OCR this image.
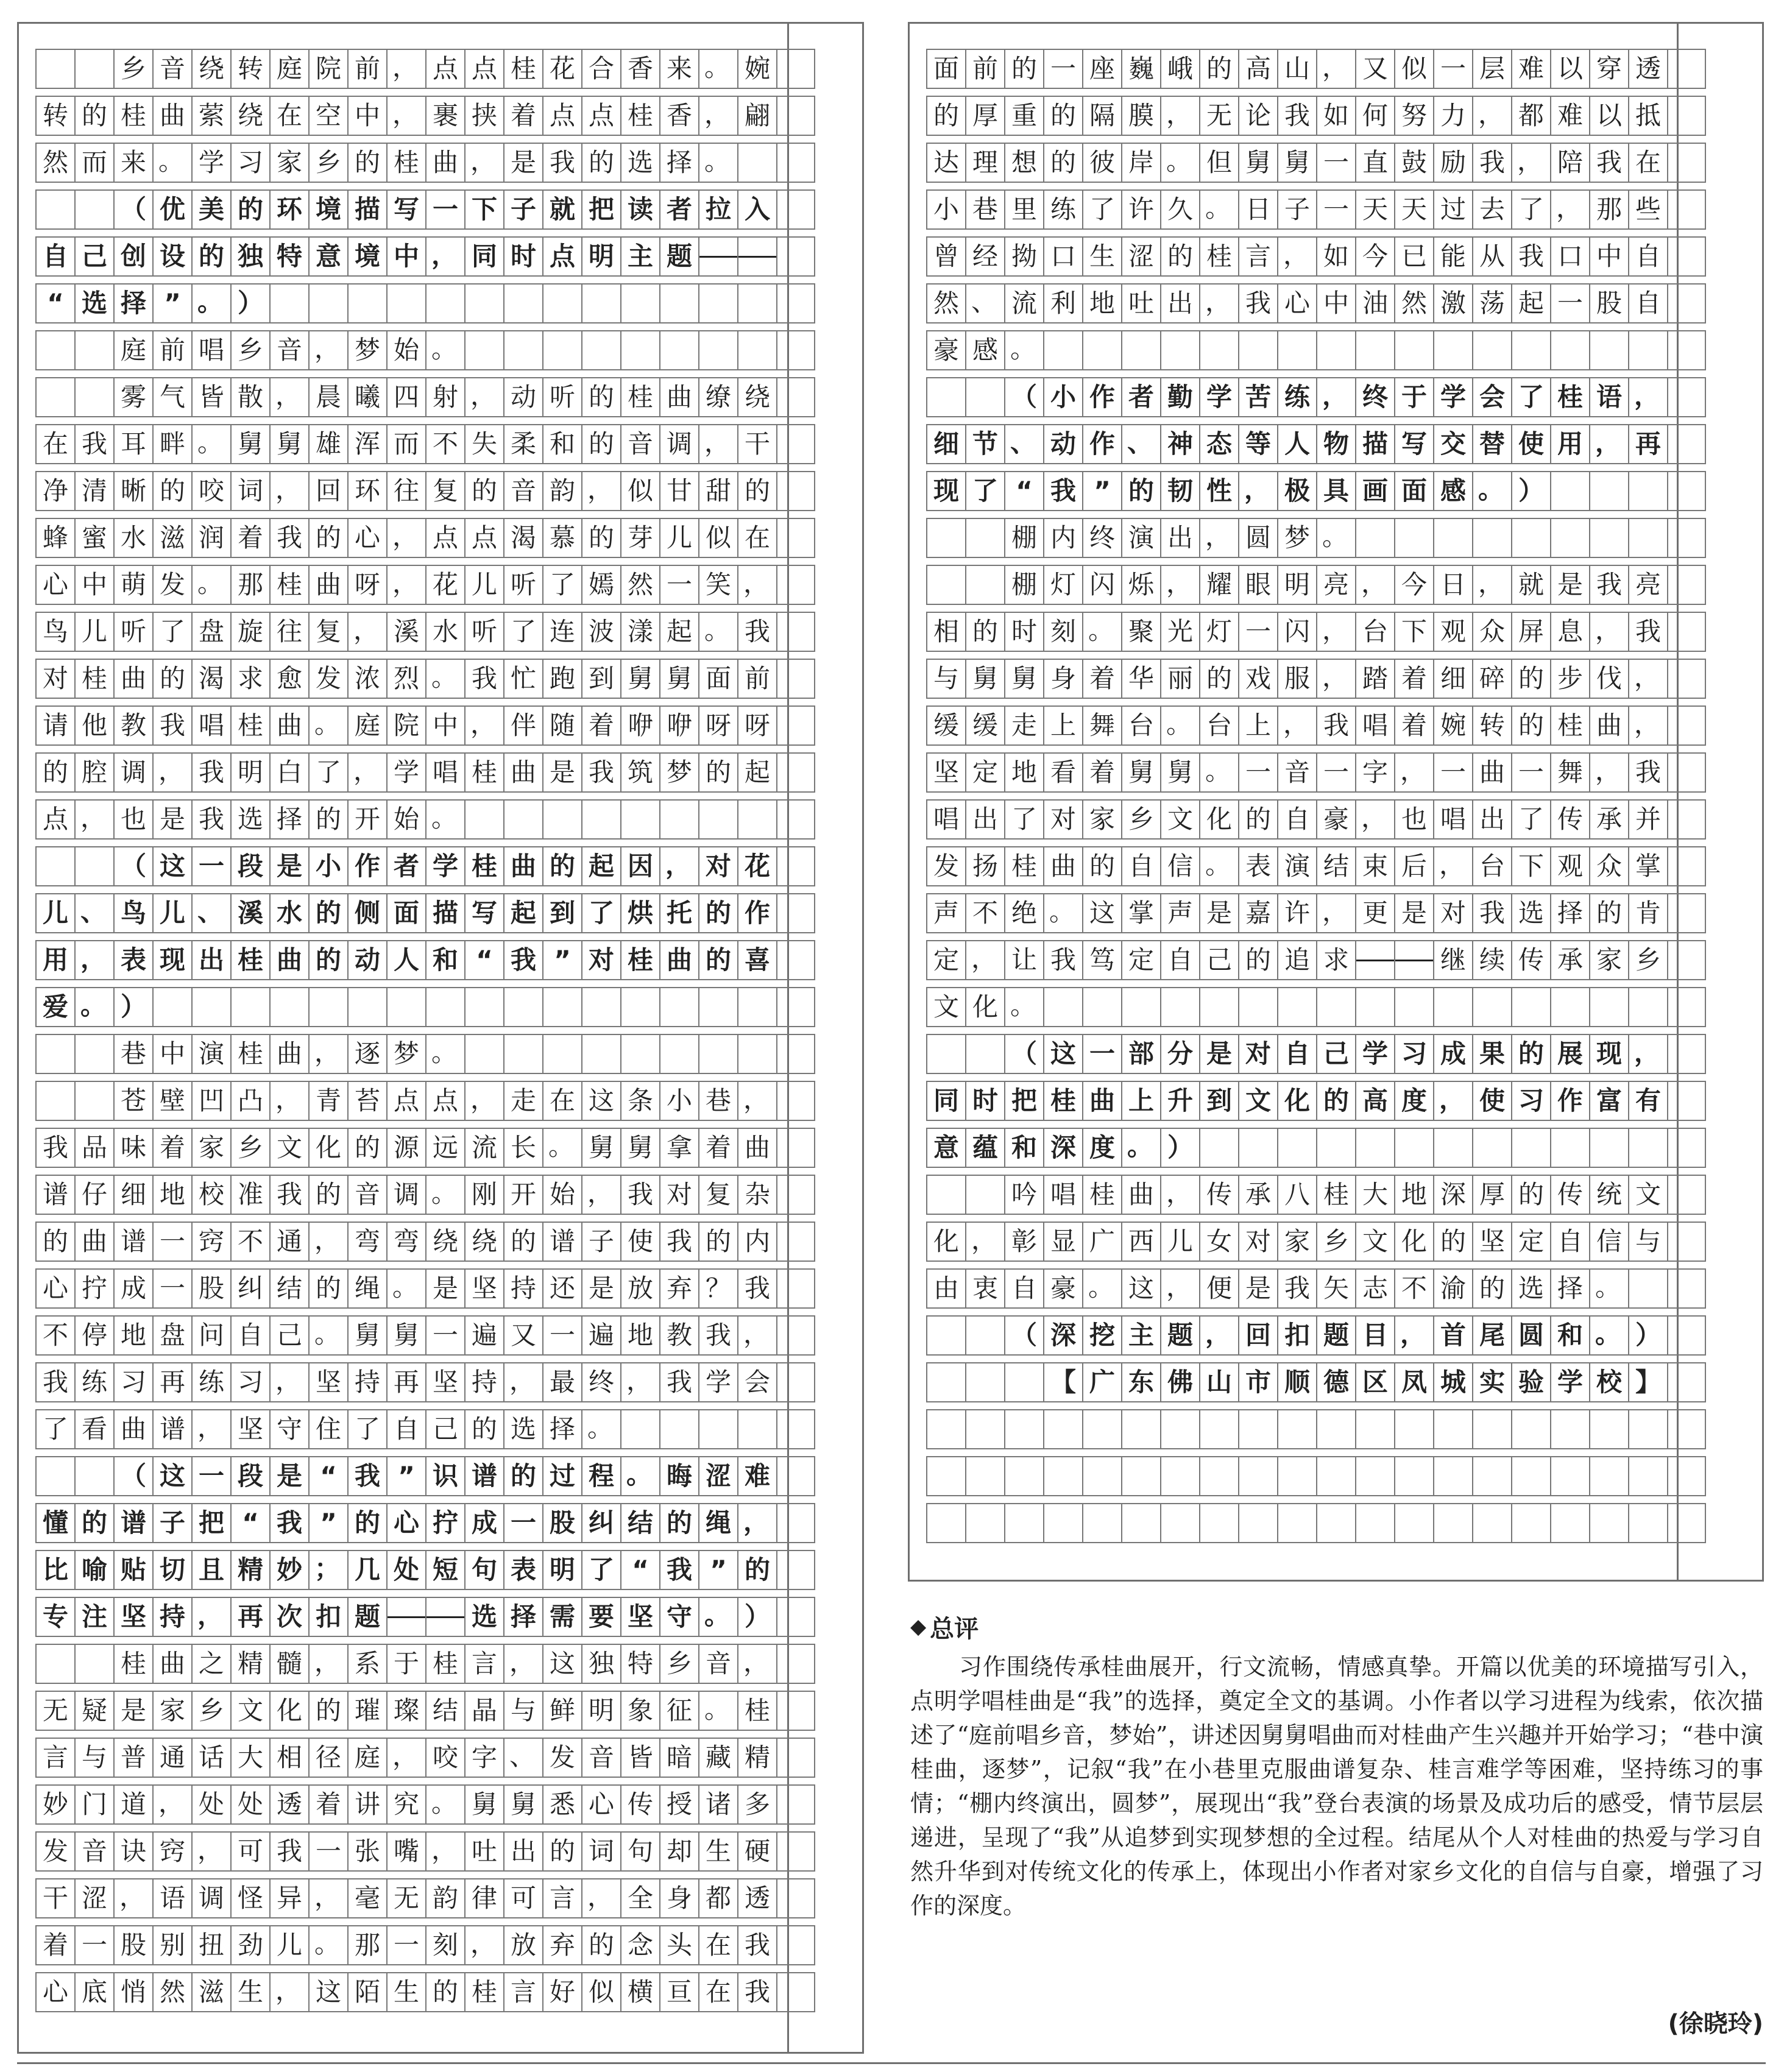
乡 音 绕 转 庭 院 前 ， 点 点 桂 花 合 香 来 。 婉
转 的 桂 曲 萦 绕 在 空 中 ， 裹 挟 着 点 点 桂 香 ， 翩
然 而 来 。 学 习 家 乡 的 桂 曲 ， 是 我 的 选 择 。
（ 优 美 的 环 境 描 写 一 下 子 就 把 读 者 拉 入
自 己 创 设 的 独 特 意 境 中 ， 同 时 点 明 主 题
“ 选 择 ” 。 ）
庭 前 唱 乡 音 ， 梦 始 。
雾 气 皆 散 ， 晨 曦 四 射 ， 动 听 的 桂 曲 缭 绕
在 我 耳 畔 。 舅 舅 雄 浑 而 不 失 柔 和 的 音 调 ， 干
净 清 晰 的 咬 词 ， 回 环 往 复 的 音 韵 ， 似 甘 甜 的
蜂 蜜 水 滋 润 着 我 的 心 ， 点 点 渴 慕 的 芽 儿 似 在
心 中 萌 发 。 那 桂 曲 呀 ， 花 儿 听 了 嫣 然 一 笑 ，
鸟 儿 听 了 盘 旋 往 复 ， 溪 水 听 了 连 波 漾 起 。 我
对 桂 曲 的 渴 求 愈 发 浓 烈 。 我 忙 跑 到 舅 舅 面 前
请 他 教 我 唱 桂 曲 。 庭 院 中 ， 伴 随 着 咿 咿 呀 呀
的 腔 调 ， 我 明 白 了 ， 学 唱 桂 曲 是 我 筑 梦 的 起
点 ， 也 是 我 选 择 的 开 始 。
（ 这 一 段 是 小 作 者 学 桂 曲 的 起 因 ， 对 花
儿 、 鸟 儿 、 溪 水 的 侧 面 描 写 起 到 了 烘 托 的 作
用 ， 表 现 出 桂 曲 的 动 人 和 “ 我 ” 对 桂 曲 的 喜
爱 。 ）
巷 中 演 桂 曲 ， 逐 梦 。
苍 壁 凹 凸 ， 青 苔 点 点 ， 走 在 这 条 小 巷 ，
我 品 味 着 家 乡 文 化 的 源 远 流 长 。 舅 舅 拿 着 曲
谱 仔 细 地 校 准 我 的 音 调 。 刚 开 始 ， 我 对 复 杂
的 曲 谱 一 窍 不 通 ， 弯 弯 绕 绕 的 谱 子 使 我 的 内
心 拧 成 一 股 纠 结 的 绳 。 是 坚 持 还 是 放 弃 ？ 我
不 停 地 盘 问 自 己 。 舅 舅 一 遍 又 一 遍 地 教 我 ，
我 练 习 再 练 习 ， 坚 持 再 坚 持 ， 最 终 ， 我 学 会
了 看 曲 谱 ， 坚 守 住 了 自 己 的 选 择 。
（ 这 一 段 是 “ 我 ” 识 谱 的 过 程 。 晦 涩 难
懂 的 谱 子 把 “ 我 ” 的 心 拧 成 一 股 纠 结 的 绳 ，
比 喻 贴 切 且 精 妙 ； 几 处 短 句 表 明 了 “ 我 ” 的
专 注 坚 持 ， 再 次 扣 题	选 择 需 要 坚 守 。 ）
桂 曲 之 精 髓 ， 系 于 桂 言 ， 这 独 特 乡 音 ，
无 疑 是 家 乡 文 化 的 璀 璨 结 晶 与 鲜 明 象 征 。 桂
言 与 普 通 话 大 相 径 庭 ， 咬 字 、 发 音 皆 暗 藏 精
妙 门 道 ， 处 处 透 着 讲 究 。 舅 舅 悉 心 传 授 诸 多
发 音 诀 窍 ， 可 我 一 张 嘴 ， 吐 出 的 词 句 却 生 硬
干 涩 ， 语 调 怪 异 ， 毫 无 韵 律 可 言 ， 全 身 都 透
着 一 股 别 扭 劲 儿 。 那 一 刻 ， 放 弃 的 念 头 在 我
心 底 悄 然 滋 生 ， 这 陌 生 的 桂 言 好 似 横 亘 在 我
面 前 的 一 座 巍 峨 的 高 山 ， 又 似 一 层 难 以 穿 透
的 厚 重 的 隔 膜 ， 无 论 我 如 何 努 力 ， 都 难 以 抵
达 理 想 的 彼 岸 。 但 舅 舅 一 直 鼓 励 我 ， 陪 我 在
小 巷 里 练 了 许 久 。 日 子 一 天 天 过 去 了 ， 那 些
曾 经 拗 口 生 涩 的 桂 言 ， 如 今 已 能 从 我 口 中 自
然 、 流 利 地 吐 出 ， 我 心 中 油 然 激 荡 起 一 股 自
豪 感 。
（ 小 作 者 勤 学 苦 练 ， 终 于 学 会 了 桂 语 ，
细 节 、 动 作 、 神 态 等 人 物 描 写 交 替 使 用 ， 再
现 了 “ 我 ” 的 韧 性 ， 极 具 画 面 感 。 ）
棚 内 终 演 出 ， 圆 梦 。
棚 灯 闪 烁 ， 耀 眼 明 亮 ， 今 日 ， 就 是 我 亮
相 的 时 刻 。 聚 光 灯 一 闪 ， 台 下 观 众 屏 息 ， 我
与 舅 舅 身 着 华 丽 的 戏 服 ， 踏 着 细 碎 的 步 伐 ，
缓 缓 走 上 舞 台 。 台 上 ， 我 唱 着 婉 转 的 桂 曲 ，
坚 定 地 看 着 舅 舅 。 一 音 一 字 ， 一 曲 一 舞 ， 我
唱 出 了 对 家 乡 文 化 的 自 豪 ， 也 唱 出 了 传 承 并
发 扬 桂 曲 的 自 信 。 表 演 结 束 后 ， 台 下 观 众 掌
声 不 绝 。 这 掌 声 是 嘉 许 ， 更 是 对 我 选 择 的 肯
定 ， 让 我 笃 定 自 己 的 追 求	继 续 传 承 家 乡
文 化 。
（ 这 一 部 分 是 对 自 己 学 习 成 果 的 展 现 ，
同 时 把 桂 曲 上 升 到 文 化 的 高 度 ， 使 习 作 富 有
意 蕴 和 深 度 。 ）
吟 唱 桂 曲 ， 传 承 八 桂 大 地 深 厚 的 传 统 文
化 ， 彰 显 广 西 儿 女 对 家 乡 文 化 的 坚 定 自 信 与
由 衷 自 豪 。 这 ， 便 是 我 矢 志 不 渝 的 选 择 。
（ 深 挖 主 题 ， 回 扣 题 目 ， 首 尾 圆 和 。 ）
【 广 东 佛 山 市 顺 德 区 凤 城 实 验 学 校 】
◆ 总评
习作围绕传承桂曲展开，行文流畅，情感真挚。开篇以优美的环境描写引入，点明学唱桂曲是“我”的选择，奠定全文的基调。小作者以学习进程为线索，依次描述了“庭前唱乡音，梦始”，讲述因舅舅唱曲而对桂曲产生兴趣并开始学习；“巷中演桂曲，逐梦”，记叙“我”在小巷里克服曲谱复杂、桂言难学等困难，坚持练习的事情；“棚内终演出，圆梦”，展现出“我”登台表演的场景及成功后的感受，情节层层递进，呈现了“我”从追梦到实现梦想的全过程。结尾从个人对桂曲的热爱与学习自然升华到对传统文化的传承上，体现出小作者对家乡文化的自信与自豪，增强了习作的深度。
(徐晓玲)
